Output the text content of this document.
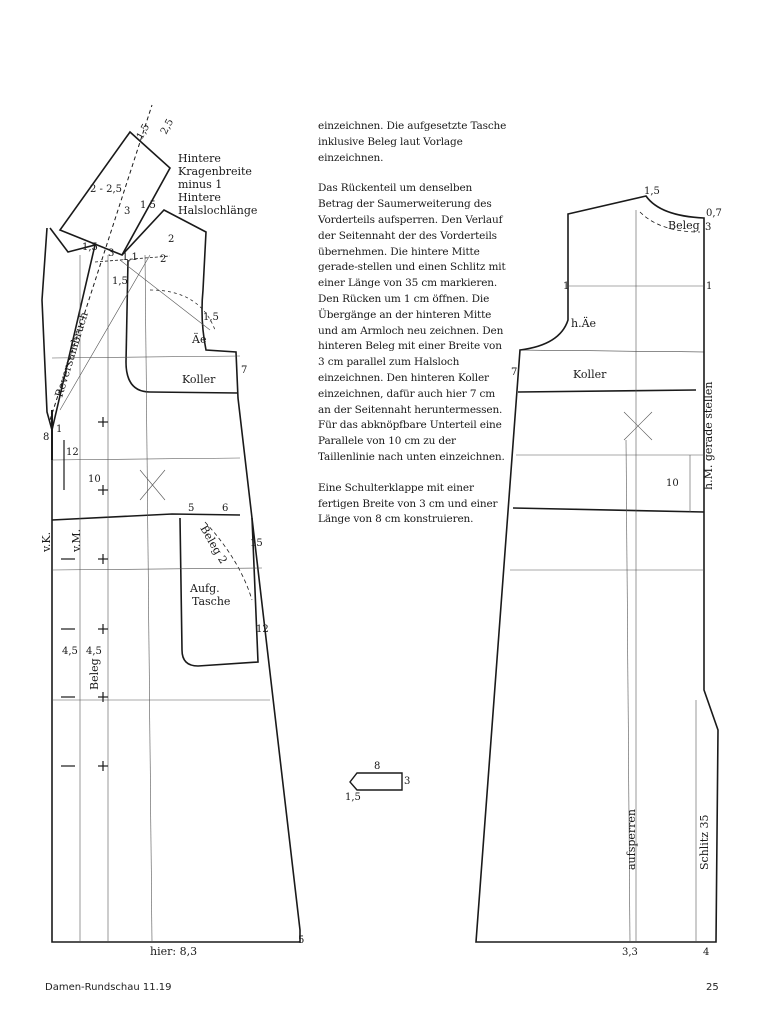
Hintere
Kragenbreite
minus 1
Hintere
Halslochlänge
1,5 2,5
2 - 2,5
1,5
3
1,5
3 1,1
2
2
1,5
1,5
Äe
Reversumbruch	Koller
7
8
1
12
10
5	6
v.K. v.M.	Beleg 2 15
Aufg.
Tasche
12
4,5 4,5
Beleg
hier: 8,3
5
8
3
1,5
1,5
0,7
Beleg 3
1	1
h.Äe
7	Koller
h.M. gerade stellen
10
aufsperren	Schlitz 35
3,3	4

einzeichnen. Die aufgesetzte Tasche inklusive Beleg laut Vorlage einzeichnen.

Das Rückenteil um denselben Betrag der Saumerweiterung des Vorderteils aufsperren. Den Verlauf der Seitennaht der des Vorderteils übernehmen. Die hintere Mitte gerade-stellen und einen Schlitz mit einer Länge von 35 cm markieren. Den Rücken um 1 cm öffnen. Die Übergänge an der hinteren Mitte und am Armloch neu zeichnen. Den hinteren Beleg mit einer Breite von 3 cm parallel zum Halsloch einzeichnen. Den hinteren Koller einzeichnen, dafür auch hier 7 cm an der Seitennaht heruntermessen. Für das abknöpfbare Unterteil eine Parallele von 10 cm zu der Taillenlinie nach unten einzeichnen.

Eine Schulterklappe mit einer fertigen Breite von 3 cm und einer Länge von 8 cm konstruieren.

Damen-Rundschau 11.19	25
